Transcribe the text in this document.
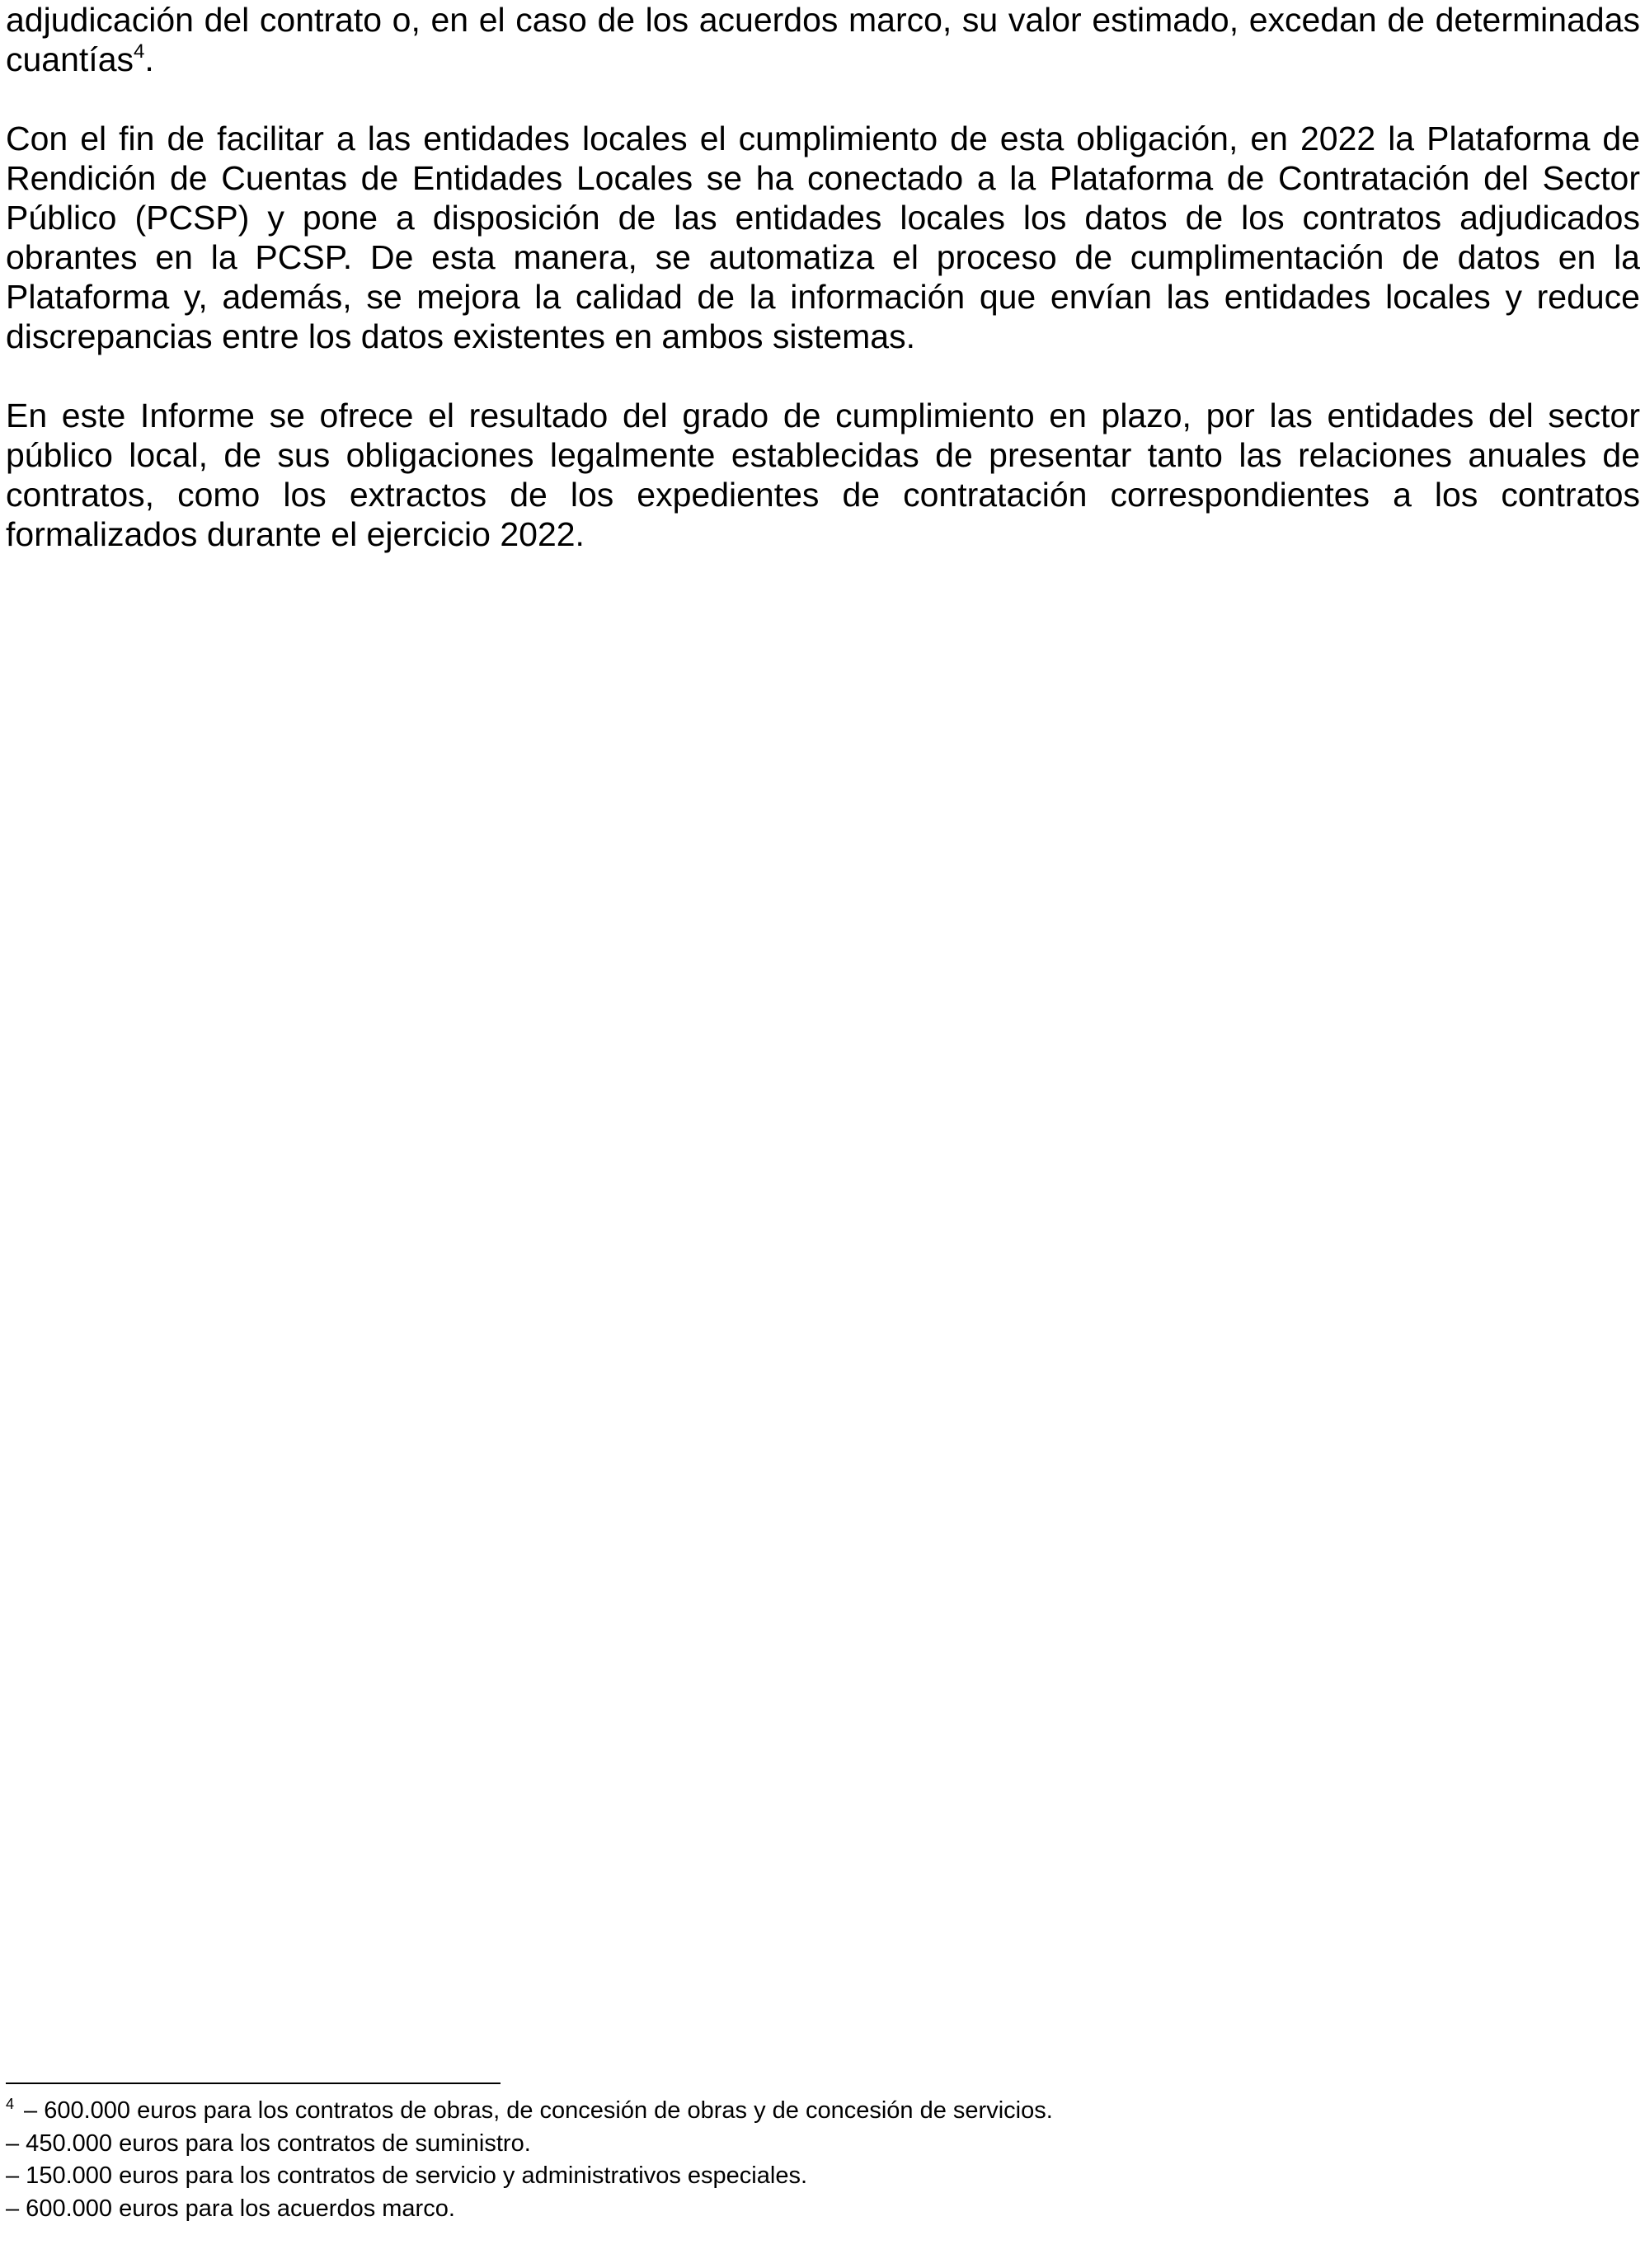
adjudicación del contrato o, en el caso de los acuerdos marco, su valor estimado, excedan de determinadas cuantías$^4$.

Con el fin de facilitar a las entidades locales el cumplimiento de esta obligación, en 2022 la Plataforma de Rendición de Cuentas de Entidades Locales se ha conectado a la Plataforma de Contratación del Sector Público (PCSP) y pone a disposición de las entidades locales los datos de los contratos adjudicados obrantes en la PCSP. De esta manera, se automatiza el proceso de cumplimentación de datos en la Plataforma y, además, se mejora la calidad de la información que envían las entidades locales y reduce discrepancias entre los datos existentes en ambos sistemas.

En este Informe se ofrece el resultado del grado de cumplimiento en plazo, por las entidades del sector público local, de sus obligaciones legalmente establecidas de presentar tanto las relaciones anuales de contratos, como los extractos de los expedientes de contratación correspondientes a los contratos formalizados durante el ejercicio 2022.

$^4$ – 600.000 euros para los contratos de obras, de concesión de obras y de concesión de servicios.
– 450.000 euros para los contratos de suministro.
– 150.000 euros para los contratos de servicio y administrativos especiales.
– 600.000 euros para los acuerdos marco.
